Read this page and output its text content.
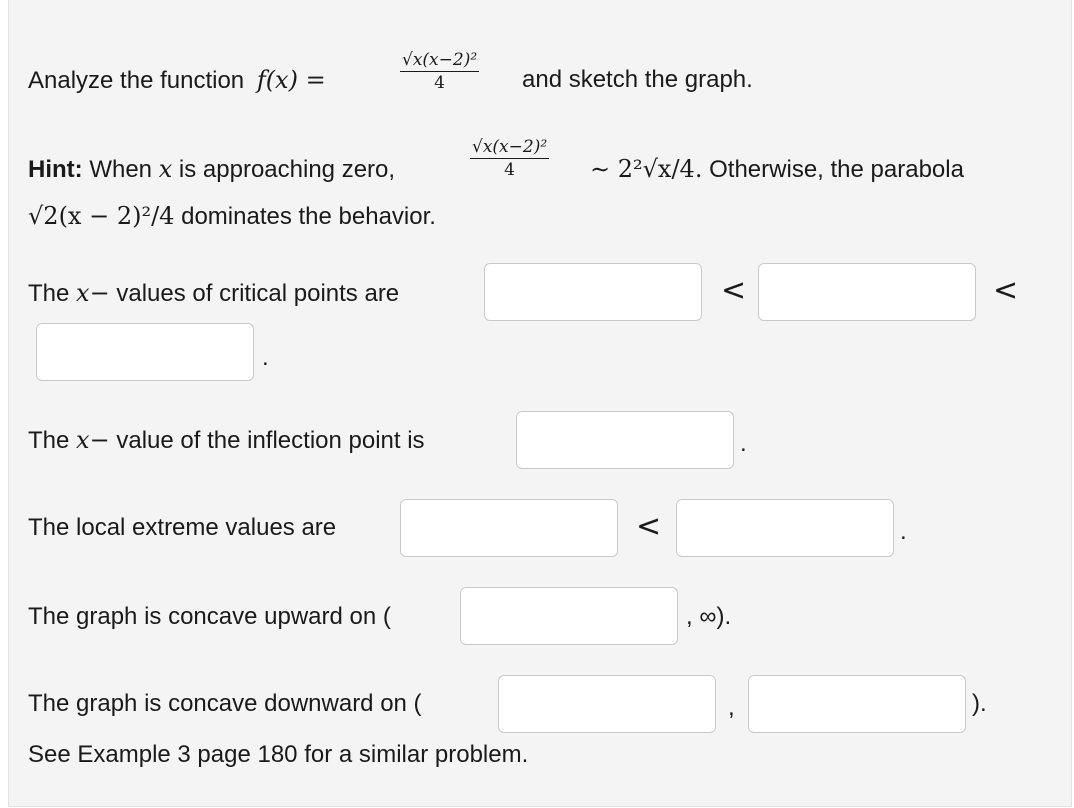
Analyze the function f(x) =	$\frac{\text{√x(x−2)²}}{4}$ and sketch the graph.
Hint: When x is approaching zero,	$\frac{\text{√x(x−2)²}}{4}$ ∼ 2²√x/4. Otherwise, the parabola
√2(x − 2)²/4 dominates the behavior.
The x− values of critical points are	<	<
.
The x− value of the inflection point is	.
The local extreme values are	<	.
The graph is concave upward on (	, ∞).
The graph is concave downward on (	,	).
See Example 3 page 180 for a similar problem.
